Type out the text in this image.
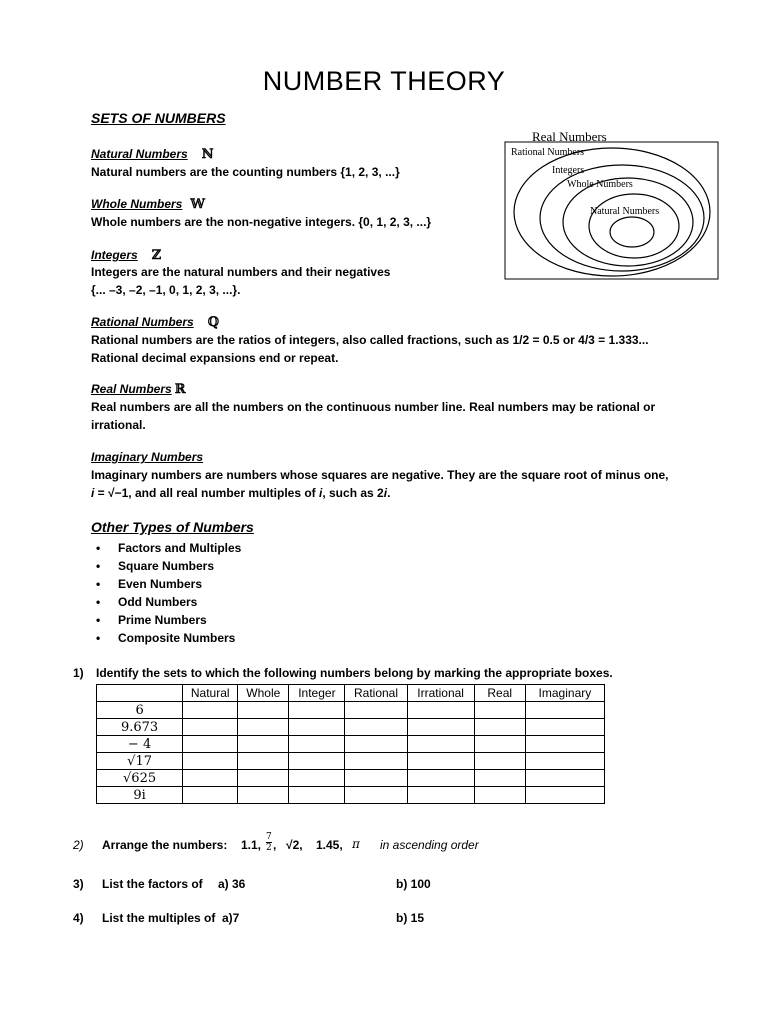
NUMBER THEORY
SETS OF NUMBERS
Natural Numbers ℕ
Natural numbers are the counting numbers {1, 2, 3, ...}
Whole Numbers 𝕎
Whole numbers are the non-negative integers. {0, 1, 2, 3, ...}
Integers ℤ
Integers are the natural numbers and their negatives
{... –3, –2, –1, 0, 1, 2, 3, ...}.
Rational Numbers ℚ
Rational numbers are the ratios of integers, also called fractions, such as 1/2 = 0.5 or 4/3 = 1.333...
Rational decimal expansions end or repeat.
Real Numbers ℝ
Real numbers are all the numbers on the continuous number line. Real numbers may be rational or
irrational.
Imaginary Numbers
Imaginary numbers are numbers whose squares are negative. They are the square root of minus one,
i = √−1, and all real number multiples of i, such as 2i.
Real Numbers
Rational Numbers
Integers
Whole Numbers
Natural Numbers
Other Types of Numbers
• Factors and Multiples
• Square Numbers
• Even Numbers
• Odd Numbers
• Prime Numbers
• Composite Numbers
1) Identify the sets to which the following numbers belong by marking the appropriate boxes.
	Natural	Whole	Integer	Rational	Irrational	Real	Imaginary
6							
9.673							
− 4							
√17							
√625							
9i							
2) Arrange the numbers: 1.1, $\frac{7}{2}$ , √2, 1.45, π in ascending order
3) List the factors of a) 36	b) 100
4) List the multiples of a)7	b) 15
